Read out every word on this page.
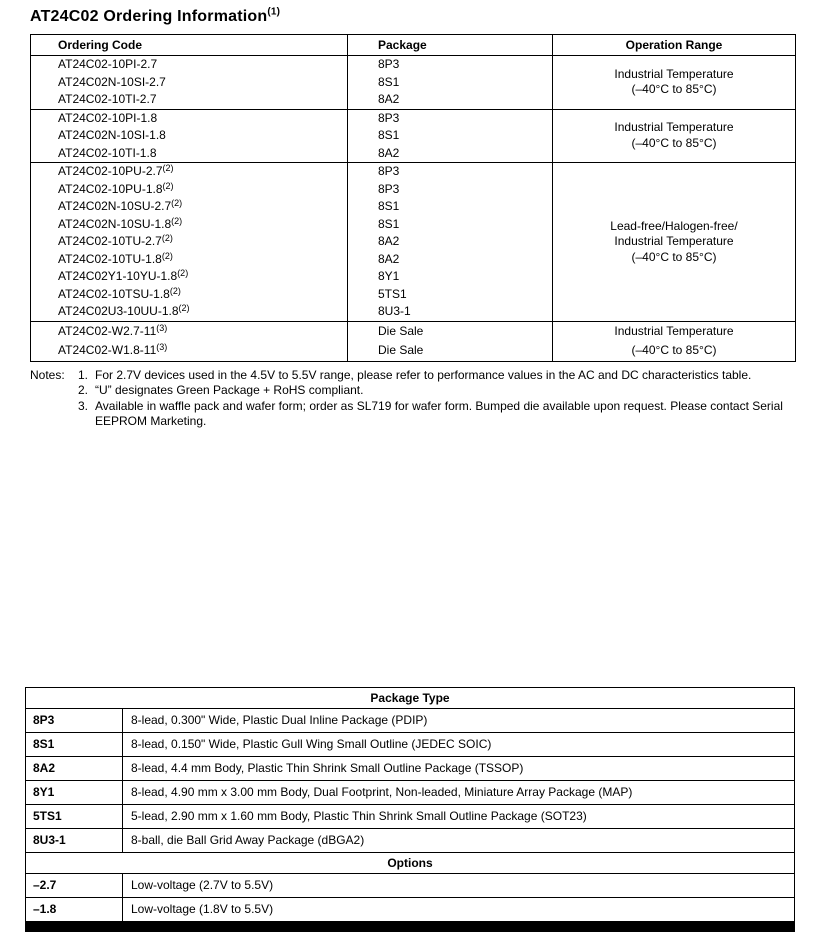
AT24C02 Ordering Information$^{(1)}$
Ordering Code	Package	Operation Range
AT24C02-10PI-2.7	8P3	Industrial Temperature
(–40°C to 85°C)

AT24C02N-10SI-2.7	8S1	
AT24C02-10TI-2.7	8A2	
AT24C02-10PI-1.8	8P3	Industrial Temperature
(–40°C to 85°C)

AT24C02N-10SI-1.8	8S1	
AT24C02-10TI-1.8	8A2	
AT24C02-10PU-2.7$^{(2)}$	8P3	Lead-free/Halogen-free/
Industrial Temperature
(–40°C to 85°C)

AT24C02-10PU-1.8$^{(2)}$	8P3	
AT24C02N-10SU-2.7$^{(2)}$	8S1	
AT24C02N-10SU-1.8$^{(2)}$	8S1	
AT24C02-10TU-2.7$^{(2)}$	8A2	
AT24C02-10TU-1.8$^{(2)}$	8A2	
AT24C02Y1-10YU-1.8$^{(2)}$	8Y1	
AT24C02-10TSU-1.8$^{(2)}$	5TS1	
AT24C02U3-10UU-1.8$^{(2)}$	8U3-1	
AT24C02-W2.7-11$^{(3)}$	Die Sale	Industrial Temperature
(–40°C to 85°C)

AT24C02-W1.8-11$^{(3)}$	Die Sale	
Notes:	1. For 2.7V devices used in the 4.5V to 5.5V range, please refer to performance values in the AC and DC characteristics table.
2. “U” designates Green Package + RoHS compliant.
3. Available in waffle pack and wafer form; order as SL719 for wafer form. Bumped die available upon request. Please contact Serial EEPROM Marketing.
Package Type	
8P3	8-lead, 0.300" Wide, Plastic Dual Inline Package (PDIP)
8S1	8-lead, 0.150" Wide, Plastic Gull Wing Small Outline (JEDEC SOIC)
8A2	8-lead, 4.4 mm Body, Plastic Thin Shrink Small Outline Package (TSSOP)
8Y1	8-lead, 4.90 mm x 3.00 mm Body, Dual Footprint, Non-leaded, Miniature Array Package (MAP)
5TS1	5-lead, 2.90 mm x 1.60 mm Body, Plastic Thin Shrink Small Outline Package (SOT23)
8U3-1	8-ball, die Ball Grid Away Package (dBGA2)
Options	
–2.7	Low-voltage (2.7V to 5.5V)
–1.8	Low-voltage (1.8V to 5.5V)
